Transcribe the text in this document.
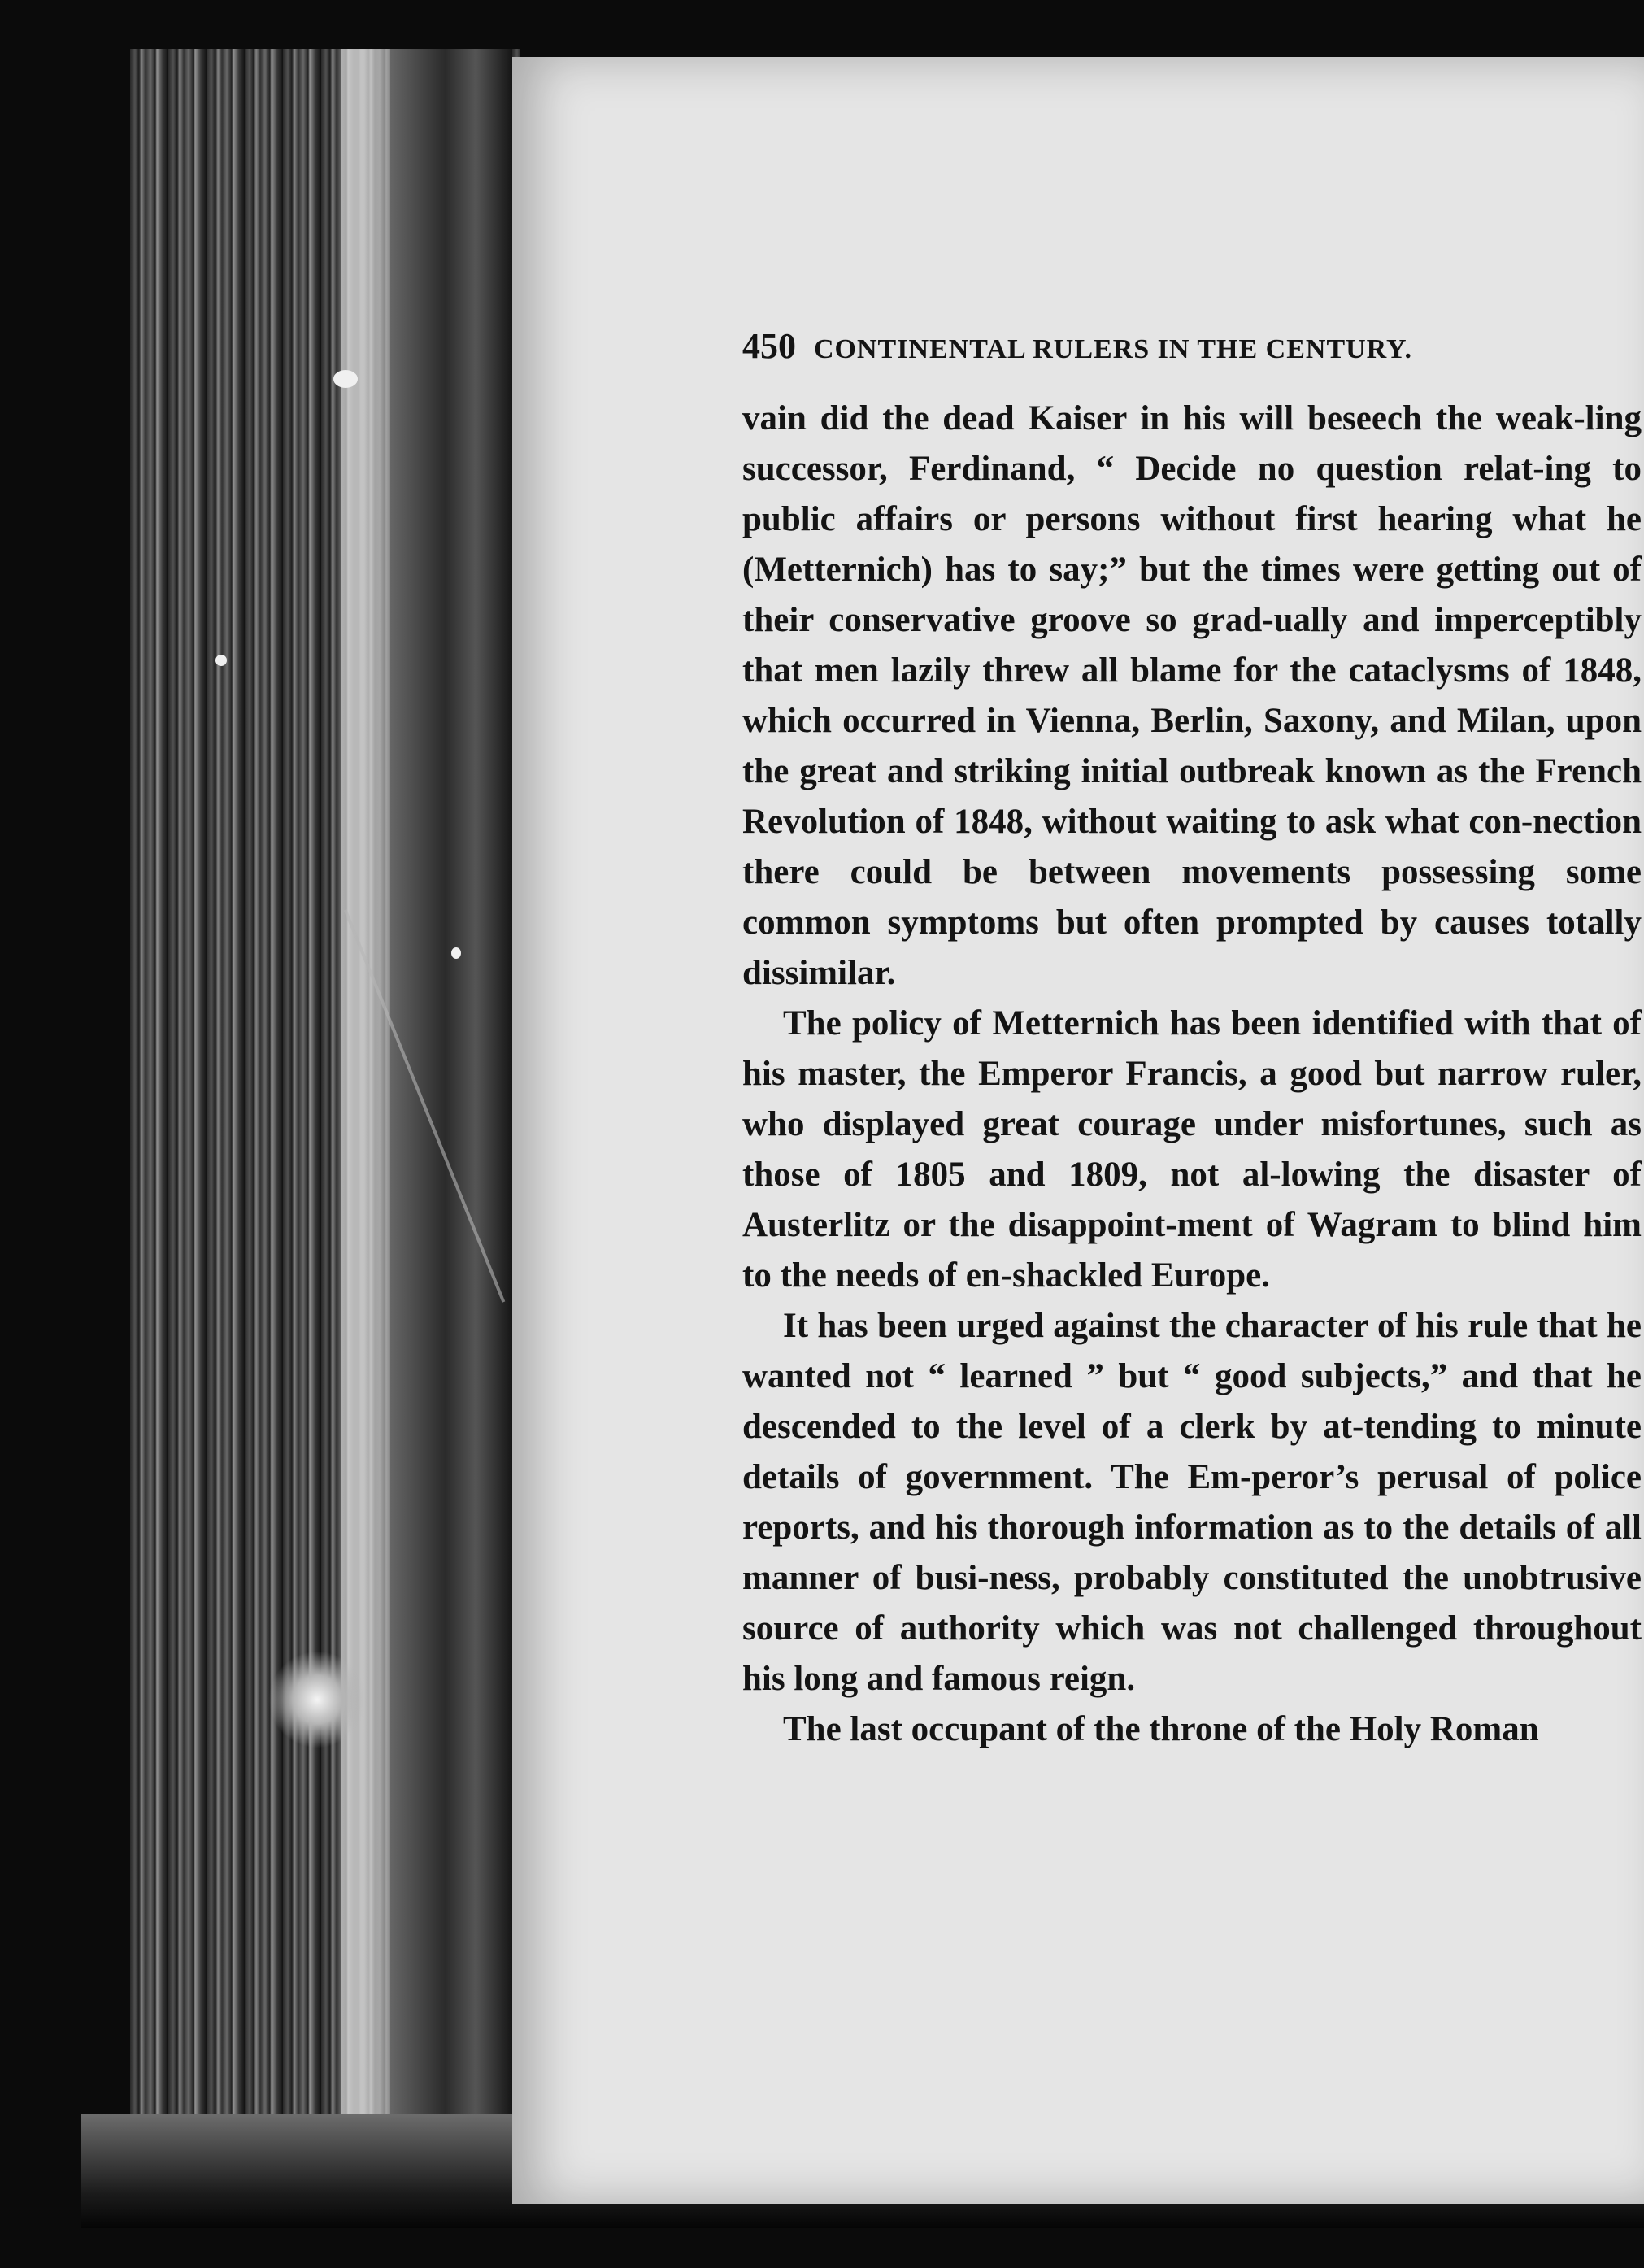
450 CONTINENTAL RULERS IN THE CENTURY.

vain did the dead Kaiser in his will beseech the weak-ling successor, Ferdinand, “ Decide no question relat-ing to public affairs or persons without first hearing what he (Metternich) has to say;” but the times were getting out of their conservative groove so grad-ually and imperceptibly that men lazily threw all blame for the cataclysms of 1848, which occurred in Vienna, Berlin, Saxony, and Milan, upon the great and striking initial outbreak known as the French Revolution of 1848, without waiting to ask what con-nection there could be between movements possessing some common symptoms but often prompted by causes totally dissimilar.

The policy of Metternich has been identified with that of his master, the Emperor Francis, a good but narrow ruler, who displayed great courage under misfortunes, such as those of 1805 and 1809, not al-lowing the disaster of Austerlitz or the disappoint-ment of Wagram to blind him to the needs of en-shackled Europe.

It has been urged against the character of his rule that he wanted not “ learned ” but “ good subjects,” and that he descended to the level of a clerk by at-tending to minute details of government. The Em-peror’s perusal of police reports, and his thorough information as to the details of all manner of busi-ness, probably constituted the unobtrusive source of authority which was not challenged throughout his long and famous reign.

The last occupant of the throne of the Holy Roman
